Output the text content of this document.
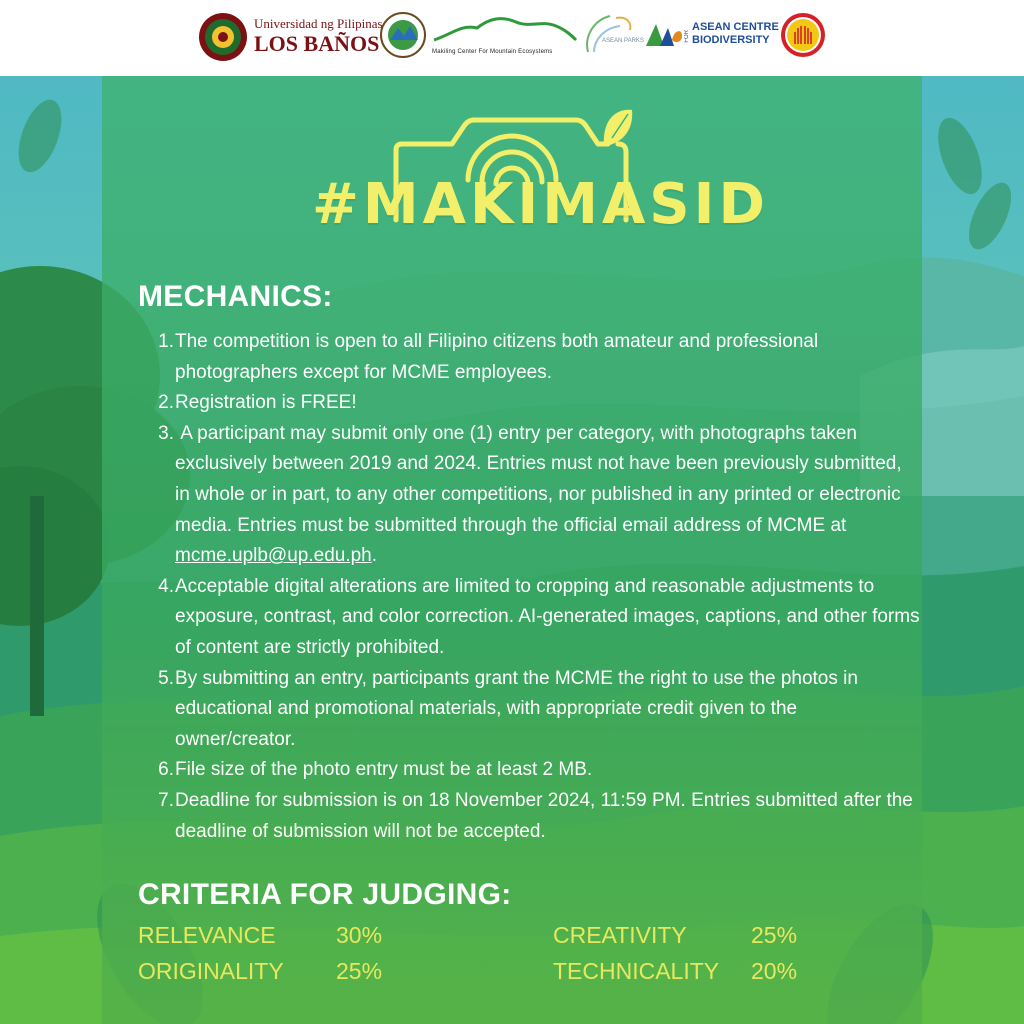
Universidad ng Pilipinas
LOS BAÑOS	Makiling Center For Mountain Ecosystems
ASEAN PARKS	FOR
ASEAN CENTRE
BIODIVERSITY
#MAKIMASID
MECHANICS:
1. The competition is open to all Filipino citizens both amateur and professional photographers except for MCME employees.
2. Registration is FREE!
3. A participant may submit only one (1) entry per category, with photographs taken exclusively between 2019 and 2024. Entries must not have been previously submitted, in whole or in part, to any other competitions, nor published in any printed or electronic media. Entries must be submitted through the official email address of MCME at mcme.uplb@up.edu.ph.
4. Acceptable digital alterations are limited to cropping and reasonable adjustments to exposure, contrast, and color correction. AI-generated images, captions, and other forms of content are strictly prohibited.
5. By submitting an entry, participants grant the MCME the right to use the photos in educational and promotional materials, with appropriate credit given to the owner/creator.
6. File size of the photo entry must be at least 2 MB.
7. Deadline for submission is on 18 November 2024, 11:59 PM. Entries submitted after the deadline of submission will not be accepted.
CRITERIA FOR JUDGING:
RELEVANCE	30%	CREATIVITY	25%
ORIGINALITY 25%	TECHNICALITY 20%
